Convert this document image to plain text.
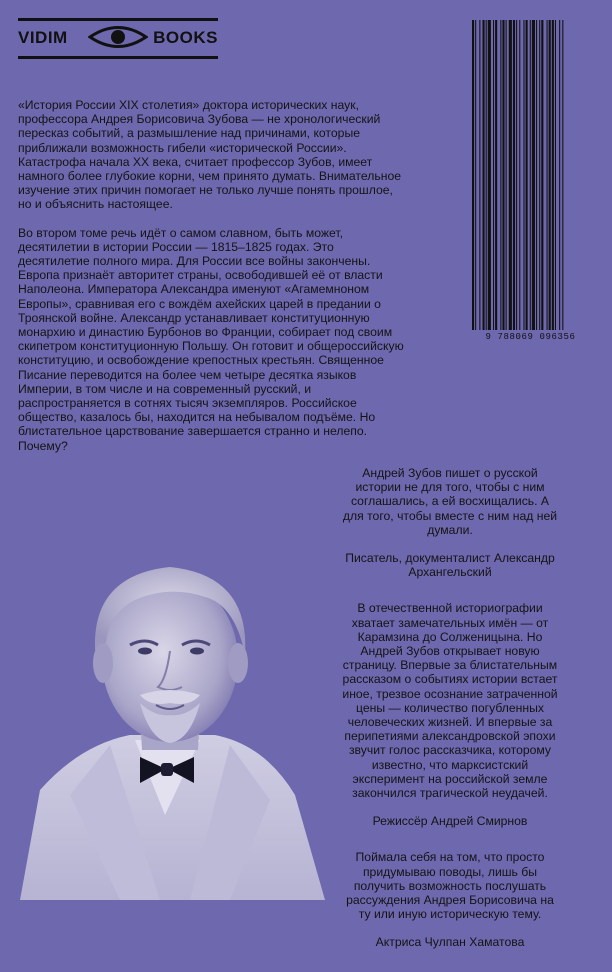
VIDIM	BOOKS
9 788069 096356

«История России XIX столетия» доктора исторических наук, профессора Андрея Борисовича Зубова — не хронологический пересказ событий, а размышление над причинами, которые приближали возможность гибели «исторической России». Катастрофа начала XX века, считает профессор Зубов, имеет намного более глубокие корни, чем принято думать. Внимательное изучение этих причин помогает не только лучше понять прошлое, но и объяснить настоящее.

Во втором томе речь идёт о самом славном, быть может, десятилетии в истории России — 1815–1825 годах. Это десятилетие полного мира. Для России все войны закончены. Европа признаёт авторитет страны, освободившей её от власти Наполеона. Императора Александра именуют «Агамемноном Европы», сравнивая его с вождём ахейских царей в предании о Троянской войне. Александр устанавливает конституционную монархию и династию Бурбонов во Франции, собирает под своим скипетром конституционную Польшу. Он готовит и общероссийскую конституцию, и освобождение крепостных крестьян. Священное Писание переводится на более чем четыре десятка языков Империи, в том числе и на современный русский, и распространяется в сотнях тысяч экземпляров. Российское общество, казалось бы, находится на небывалом подъёме. Но блистательное царствование завершается странно и нелепо. Почему?

Андрей Зубов пишет о русской истории не для того, чтобы с ним соглашались, а ей восхищались. А для того, чтобы вместе с ним над ней думали.

Писатель, документалист Александр Архангельский

В отечественной историографии хватает замечательных имён — от Карамзина до Солженицына. Но Андрей Зубов открывает новую страницу. Впервые за блистательным рассказом о событиях истории встает иное, трезвое осознание затраченной цены — количество погубленных человеческих жизней. И впервые за перипетиями александровской эпохи звучит голос рассказчика, которому известно, что марксистский эксперимент на российской земле закончился трагической неудачей.

Режиссёр Андрей Смирнов

Поймала себя на том, что просто придумываю поводы, лишь бы получить возможность послушать рассуждения Андрея Борисовича на ту или иную историческую тему.

Актриса Чулпан Хаматова
